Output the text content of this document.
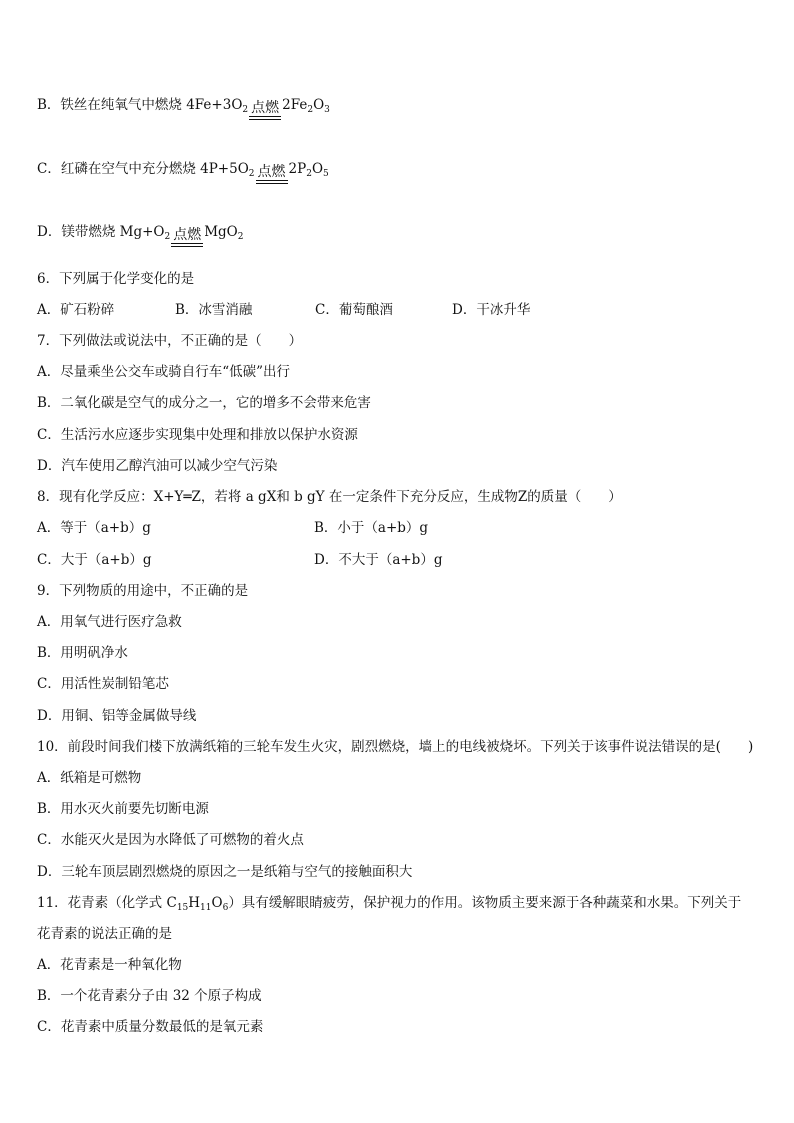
B．铁丝在纯氧气中燃烧 $4Fe+3O_2$ 点燃 $2Fe_2O_3$
C．红磷在空气中充分燃烧 $4P+5O_2$ 点燃 $2P_2O_5$
D．镁带燃烧 $Mg+O_2$ 点燃 MgO$_2$
6．下列属于化学变化的是
A．矿石粉碎	B．冰雪消融	C．葡萄酿酒	D．干冰升华
7．下列做法或说法中，不正确的是（　　）
A．尽量乘坐公交车或骑自行车“低碳”出行
B．二氧化碳是空气的成分之一，它的增多不会带来危害
C．生活污水应逐步实现集中处理和排放以保护水资源
D．汽车使用乙醇汽油可以减少空气污染
8．现有化学反应：X+Y═Z，若将 a gX和 b gY 在一定条件下充分反应，生成物Z的质量（　　）
A．等于（a+b）g	B．小于（a+b）g
C．大于（a+b）g	D．不大于（a+b）g
9．下列物质的用途中，不正确的是
A．用氧气进行医疗急救
B．用明矾净水
C．用活性炭制铅笔芯
D．用铜、铝等金属做导线
10．前段时间我们楼下放满纸箱的三轮车发生火灾，剧烈燃烧，墙上的电线被烧坏。下列关于该事件说法错误的是(　　)
A．纸箱是可燃物
B．用水灭火前要先切断电源
C．水能灭火是因为水降低了可燃物的着火点
D．三轮车顶层剧烈燃烧的原因之一是纸箱与空气的接触面积大
11．花青素（化学式 $C_{15}H_{11}O_6$）具有缓解眼睛疲劳，保护视力的作用。该物质主要来源于各种蔬菜和水果。下列关于
花青素的说法正确的是
A．花青素是一种氧化物
B．一个花青素分子由 32 个原子构成
C．花青素中质量分数最低的是氧元素
